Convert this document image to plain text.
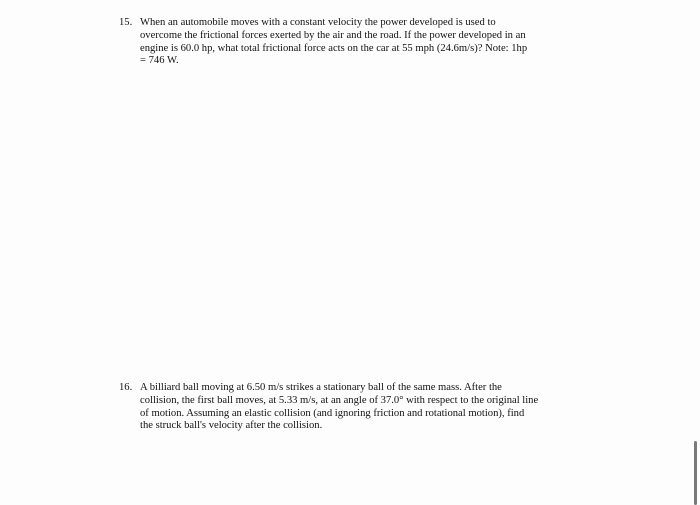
15. When an automobile moves with a constant velocity the power developed is used to
overcome the frictional forces exerted by the air and the road. If the power developed in an
engine is 60.0 hp, what total frictional force acts on the car at 55 mph (24.6m/s)? Note: 1hp
= 746 W.
16. A billiard ball moving at 6.50 m/s strikes a stationary ball of the same mass. After the
collision, the first ball moves, at 5.33 m/s, at an angle of 37.0° with respect to the original line
of motion. Assuming an elastic collision (and ignoring friction and rotational motion), find
the struck ball's velocity after the collision.
